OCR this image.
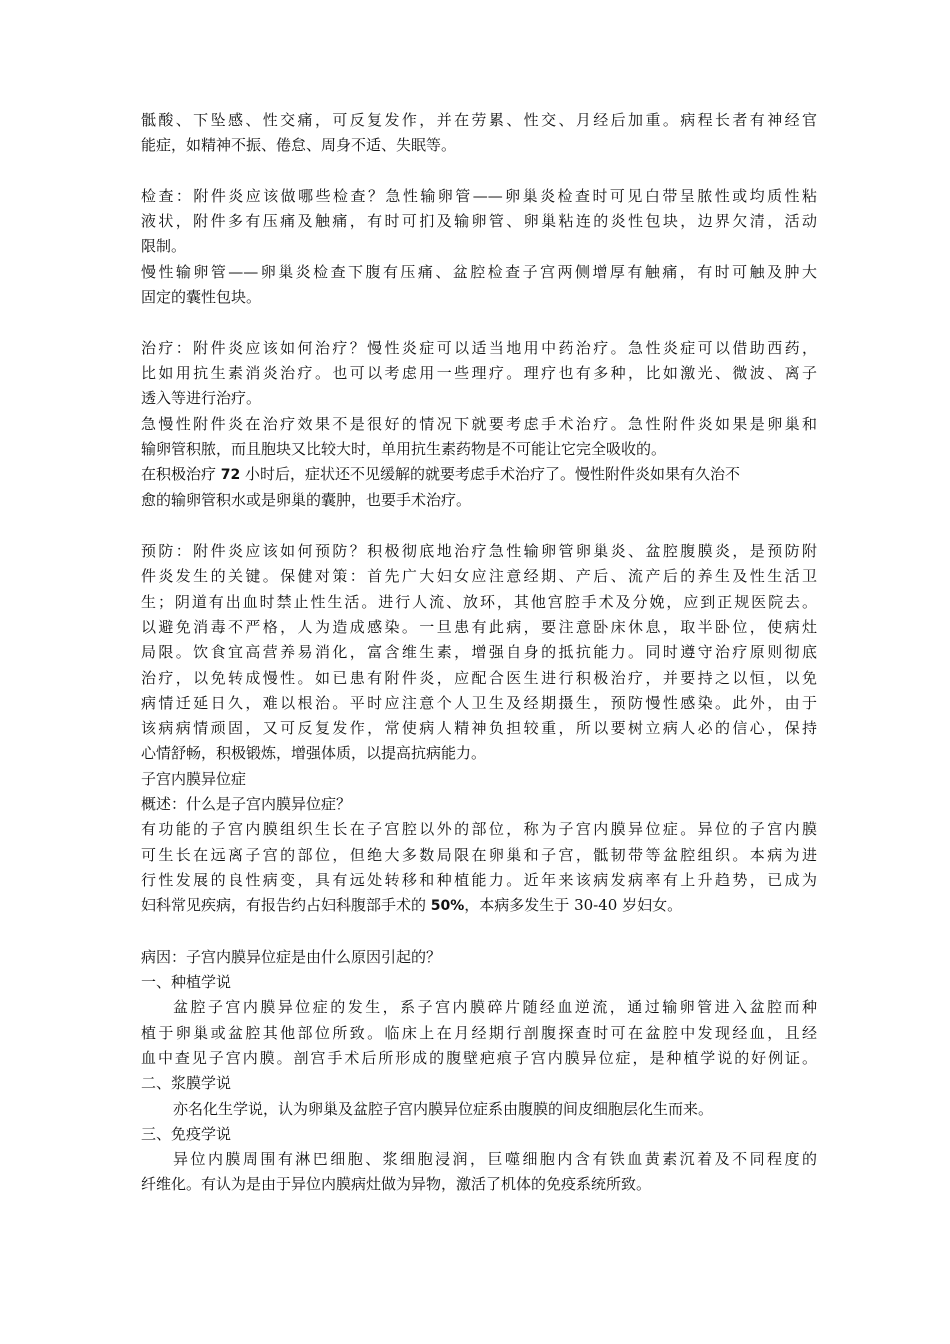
骶酸、下坠感、性交痛，可反复发作，并在劳累、性交、月经后加重。病程长者有神经官
能症，如精神不振、倦怠、周身不适、失眠等。
检查：附件炎应该做哪些检查？急性输卵管——卵巢炎检查时可见白带呈脓性或均质性粘
液状，附件多有压痛及触痛，有时可扪及输卵管、卵巢粘连的炎性包块，边界欠清，活动
限制。
慢性输卵管——卵巢炎检查下腹有压痛、盆腔检查子宫两侧增厚有触痛，有时可触及肿大
固定的囊性包块。
治疗：附件炎应该如何治疗？慢性炎症可以适当地用中药治疗。急性炎症可以借助西药，
比如用抗生素消炎治疗。也可以考虑用一些理疗。理疗也有多种，比如激光、微波、离子
透入等进行治疗。
急慢性附件炎在治疗效果不是很好的情况下就要考虑手术治疗。急性附件炎如果是卵巢和
输卵管积脓，而且胞块又比较大时，单用抗生素药物是不可能让它完全吸收的。
在积极治疗 72 小时后，症状还不见缓解的就要考虑手术治疗了。慢性附件炎如果有久治不
愈的输卵管积水或是卵巢的囊肿，也要手术治疗。
预防：附件炎应该如何预防？积极彻底地治疗急性输卵管卵巢炎、盆腔腹膜炎，是预防附
件炎发生的关键。保健对策：首先广大妇女应注意经期、产后、流产后的养生及性生活卫
生；阴道有出血时禁止性生活。进行人流、放环，其他宫腔手术及分娩，应到正规医院去。
以避免消毒不严格，人为造成感染。一旦患有此病，要注意卧床休息，取半卧位，使病灶
局限。饮食宜高营养易消化，富含维生素，增强自身的抵抗能力。同时遵守治疗原则彻底
治疗，以免转成慢性。如已患有附件炎，应配合医生进行积极治疗，并要持之以恒，以免
病情迁延日久，难以根治。平时应注意个人卫生及经期摄生，预防慢性感染。此外，由于
该病病情顽固，又可反复发作，常使病人精神负担较重，所以要树立病人必的信心，保持
心情舒畅，积极锻炼，增强体质，以提高抗病能力。
子宫内膜异位症
概述：什么是子宫内膜异位症？
有功能的子宫内膜组织生长在子宫腔以外的部位，称为子宫内膜异位症。异位的子宫内膜
可生长在远离子宫的部位，但绝大多数局限在卵巢和子宫，骶韧带等盆腔组织。本病为进
行性发展的良性病变，具有远处转移和种植能力。近年来该病发病率有上升趋势，已成为
妇科常见疾病，有报告约占妇科腹部手术的 50%，本病多发生于 30-40 岁妇女。
病因：子宫内膜异位症是由什么原因引起的？
一、种植学说
盆腔子宫内膜异位症的发生，系子宫内膜碎片随经血逆流，通过输卵管进入盆腔而种
植于卵巢或盆腔其他部位所致。临床上在月经期行剖腹探查时可在盆腔中发现经血，且经
血中查见子宫内膜。剖宫手术后所形成的腹壁疤痕子宫内膜异位症，是种植学说的好例证。
二、浆膜学说
亦名化生学说，认为卵巢及盆腔子宫内膜异位症系由腹膜的间皮细胞层化生而来。
三、免疫学说
异位内膜周围有淋巴细胞、浆细胞浸润，巨噬细胞内含有铁血黄素沉着及不同程度的
纤维化。有认为是由于异位内膜病灶做为异物，激活了机体的免疫系统所致。
